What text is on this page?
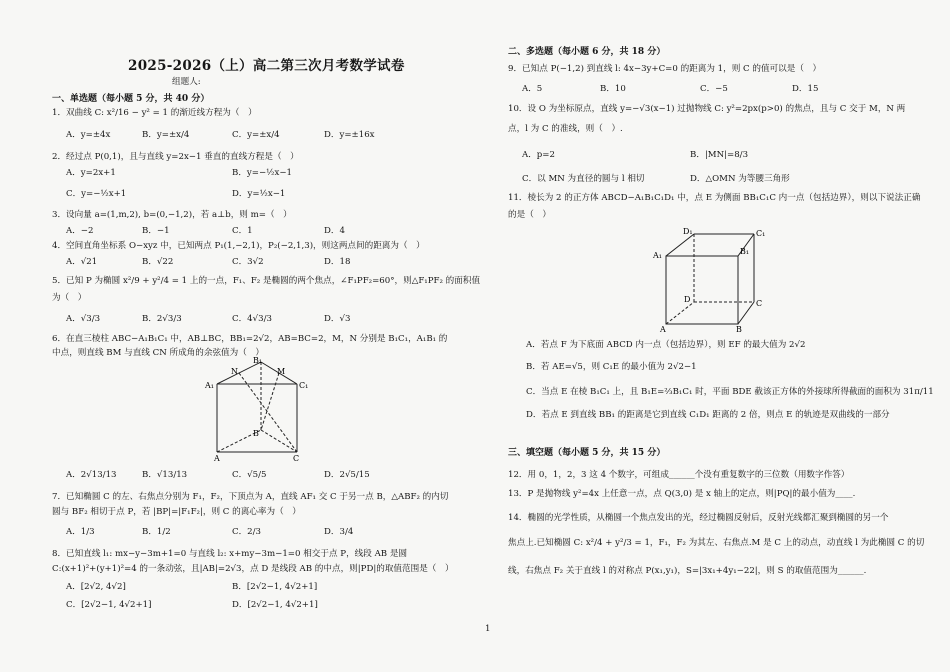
2025-2026（上）高二第三次月考数学试卷
组题人:
一、单选题（每小题 5 分，共 40 分）
1．双曲线 C: x²/16 − y² = 1 的渐近线方程为（　）
A．y=±4x	B．y=±x/4	C．y=±x/4	D．y=±16x
2．经过点 P(0,1)，且与直线 y=2x−1 垂直的直线方程是（　）
A．y=2x+1	B．y=−½x−1
C．y=−½x+1	D．y=½x−1
3．设向量 a=(1,m,2), b=(0,−1,2)，若 a⊥b，则 m=（　）
A．−2	B．−1	C．1	D．4
4．空间直角坐标系 O−xyz 中，已知两点 P₁(1,−2,1)，P₂(−2,1,3)，则这两点间的距离为（　）
A．√21	B．√22	C．3√2	D．18
5．已知 P 为椭圆 x²/9 + y²/4 = 1 上的一点，F₁、F₂ 是椭圆的两个焦点，∠F₁PF₂=60°，则△F₁PF₂ 的面积值
为（　）
A．√3/3	B．2√3/3	C．4√3/3	D．√3
6．在直三棱柱 ABC−A₁B₁C₁ 中，AB⊥BC，BB₁=2√2，AB=BC=2，M，N 分别是 B₁C₁，A₁B₁ 的
中点，则直线 BM 与直线 CN 所成角的余弦值为（　）
B₁
A₁	C₁
N	M
B
A	C
A．2√13/13	B．√13/13	C．√5/5	D．2√5/15
7．已知椭圆 C 的左、右焦点分别为 F₁，F₂，下顶点为 A，直线 AF₁ 交 C 于另一点 B，△ABF₂ 的内切
圆与 BF₂ 相切于点 P，若 |BP|=|F₁F₂|，则 C 的离心率为（　）
A．1/3	B．1/2	C．2/3	D．3/4
8．已知直线 l₁: mx−y−3m+1=0 与直线 l₂: x+my−3m−1=0 相交于点 P，线段 AB 是圆
C:(x+1)²+(y+1)²=4 的一条动弦，且|AB|=2√3，点 D 是线段 AB 的中点，则|PD|的取值范围是（　）
A．[2√2, 4√2]	B．[2√2−1, 4√2+1]
C．[2√2−1, 4√2+1]	D．[2√2−1, 4√2+1]
二、多选题（每小题 6 分，共 18 分）
9．已知点 P(−1,2) 到直线 l: 4x−3y+C=0 的距离为 1，则 C 的值可以是（　）
A．5	B．10	C．−5	D．15
10．设 O 为坐标原点，直线 y=−√3(x−1) 过抛物线 C: y²=2px(p>0) 的焦点，且与 C 交于 M，N 两
点，l 为 C 的准线，则（　）.
A．p=2	B．|MN|=8/3
C．以 MN 为直径的圆与 l 相切	D．△OMN 为等腰三角形
11．棱长为 2 的正方体 ABCD−A₁B₁C₁D₁ 中，点 E 为侧面 BB₁C₁C 内一点（包括边界），则以下说法正确
的是（　）
D₁	C₁
A₁	B₁
D	C
A	B
A．若点 F 为下底面 ABCD 内一点（包括边界），则 EF 的最大值为 2√2
B．若 AE=√5，则 C₁E 的最小值为 2√2−1
C．当点 E 在棱 B₁C₁ 上，且 B₁E=⅔B₁C₁ 时，平面 BDE 截该正方体的外接球所得截面的面积为 31π/11
D．若点 E 到直线 BB₁ 的距离是它到直线 C₁D₁ 距离的 2 倍，则点 E 的轨迹是双曲线的一部分
三、填空题（每小题 5 分，共 15 分）
12．用 0，1，2，3 这 4 个数字，可组成______个没有重复数字的三位数（用数字作答）
13．P 是抛物线 y²=4x 上任意一点，点 Q(3,0) 是 x 轴上的定点，则|PQ|的最小值为____.
14．椭圆的光学性质，从椭圆一个焦点发出的光，经过椭圆反射后，反射光线都汇聚到椭圆的另一个
焦点上.已知椭圆 C: x²/4 + y²/3 = 1，F₁，F₂ 为其左、右焦点.M 是 C 上的动点，动直线 l 为此椭圆 C 的切
线，右焦点 F₂ 关于直线 l 的对称点 P(x₁,y₁)，S=|3x₁+4y₁−22|，则 S 的取值范围为______.
1
